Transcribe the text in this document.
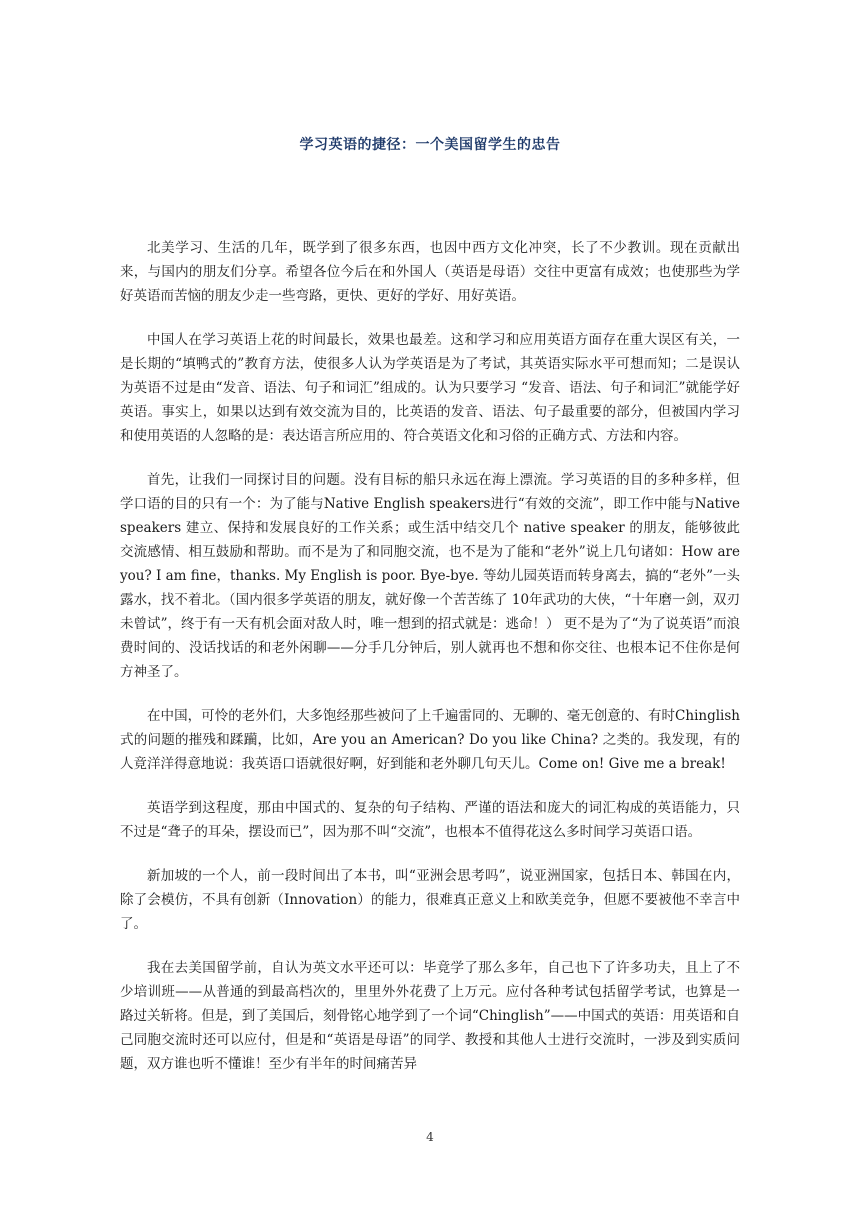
学习英语的捷径：一个美国留学生的忠告

北美学习、生活的几年，既学到了很多东西，也因中西方文化冲突，长了不少教训。现在贡献出来，与国内的朋友们分享。希望各位今后在和外国人（英语是母语）交往中更富有成效；也使那些为学好英语而苦恼的朋友少走一些弯路，更快、更好的学好、用好英语。

中国人在学习英语上花的时间最长，效果也最差。这和学习和应用英语方面存在重大误区有关，一是长期的“填鸭式的”教育方法，使很多人认为学英语是为了考试，其英语实际水平可想而知；二是误认为英语不过是由“发音、语法、句子和词汇”组成的。认为只要学习 “发音、语法、句子和词汇”就能学好英语。事实上，如果以达到有效交流为目的，比英语的发音、语法、句子最重要的部分，但被国内学习和使用英语的人忽略的是：表达语言所应用的、符合英语文化和习俗的正确方式、方法和内容。

首先，让我们一同探讨目的问题。没有目标的船只永远在海上漂流。学习英语的目的多种多样，但学口语的目的只有一个：为了能与Native English speakers进行“有效的交流”，即工作中能与Native speakers 建立、保持和发展良好的工作关系；或生活中结交几个 native speaker 的朋友，能够彼此交流感情、相互鼓励和帮助。而不是为了和同胞交流，也不是为了能和“老外”说上几句诸如：How are you? I am fine，thanks. My English is poor. Bye-bye. 等幼儿园英语而转身离去，搞的“老外”一头露水，找不着北。（国内很多学英语的朋友，就好像一个苦苦练了 10年武功的大侠，“十年磨一剑，双刃未曾试”，终于有一天有机会面对敌人时，唯一想到的招式就是：逃命！） 更不是为了“为了说英语”而浪费时间的、没话找话的和老外闲聊——分手几分钟后，别人就再也不想和你交往、也根本记不住你是何方神圣了。

在中国，可怜的老外们，大多饱经那些被问了上千遍雷同的、无聊的、毫无创意的、有时Chinglish 式的问题的摧残和蹂躏，比如，Are you an American? Do you like China? 之类的。我发现，有的人竟洋洋得意地说：我英语口语就很好啊，好到能和老外聊几句天儿。Come on! Give me a break!

英语学到这程度，那由中国式的、复杂的句子结构、严谨的语法和庞大的词汇构成的英语能力，只不过是“聋子的耳朵，摆设而已”，因为那不叫“交流”，也根本不值得花这么多时间学习英语口语。

新加坡的一个人，前一段时间出了本书，叫“亚洲会思考吗”，说亚洲国家，包括日本、韩国在内，除了会模仿，不具有创新（Innovation）的能力，很难真正意义上和欧美竞争，但愿不要被他不幸言中了。

我在去美国留学前，自认为英文水平还可以：毕竟学了那么多年，自己也下了许多功夫，且上了不少培训班——从普通的到最高档次的，里里外外花费了上万元。应付各种考试包括留学考试，也算是一路过关斩将。但是，到了美国后，刻骨铭心地学到了一个词“Chinglish”——中国式的英语：用英语和自己同胞交流时还可以应付，但是和“英语是母语”的同学、教授和其他人士进行交流时，一涉及到实质问题，双方谁也听不懂谁！至少有半年的时间痛苦异

4
